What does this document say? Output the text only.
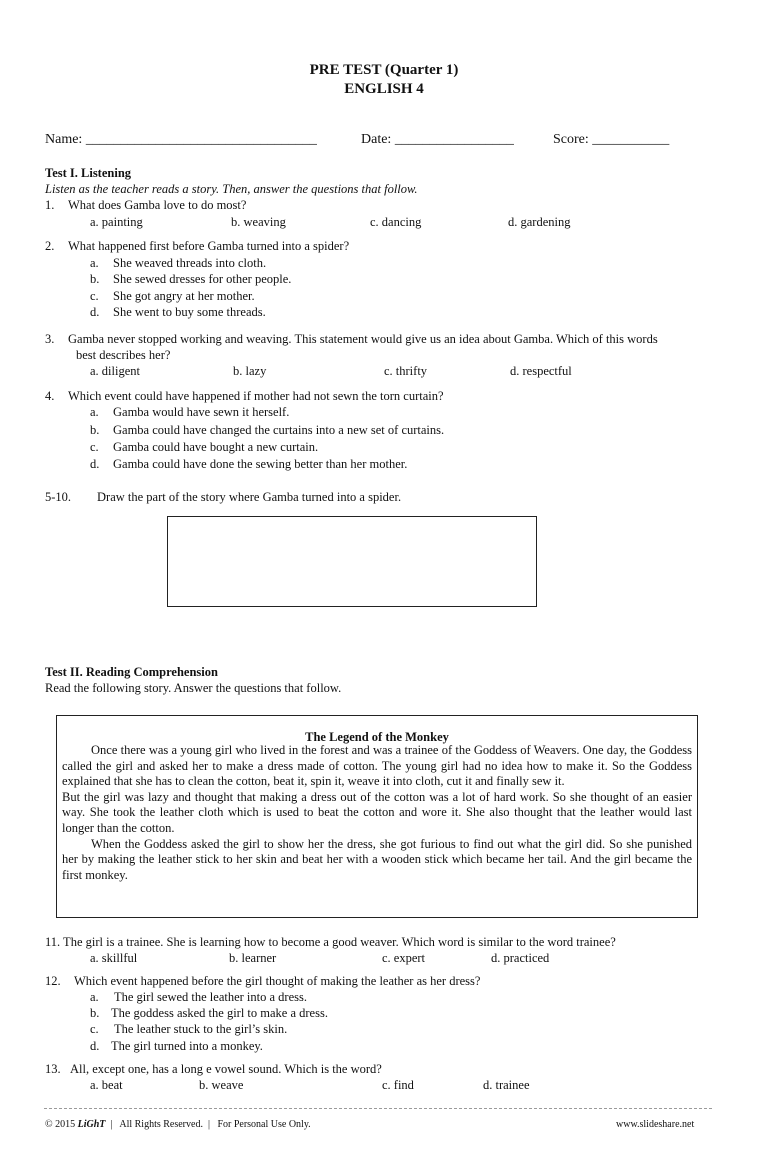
PRE TEST (Quarter 1)
ENGLISH 4
Name: _________________________________	Date: _________________	Score: ___________
Test I. Listening
Listen as the teacher reads a story. Then, answer the questions that follow.
1. What does Gamba love to do most?
a. painting	b. weaving	c. dancing	d. gardening
2. What happened first before Gamba turned into a spider?
a. She weaved threads into cloth.
b. She sewed dresses for other people.
c. She got angry at her mother.
d. She went to buy some threads.
3. Gamba never stopped working and weaving. This statement would give us an idea about Gamba. Which of this words
best describes her?
a. diligent	b. lazy	c. thrifty	d. respectful
4. Which event could have happened if mother had not sewn the torn curtain?
a. Gamba would have sewn it herself.
b. Gamba could have changed the curtains into a new set of curtains.
c. Gamba could have bought a new curtain.
d. Gamba could have done the sewing better than her mother.
5-10. Draw the part of the story where Gamba turned into a spider.
Test II. Reading Comprehension
Read the following story. Answer the questions that follow.
The Legend of the Monkey

Once there was a young girl who lived in the forest and was a trainee of the Goddess of Weavers. One day, the Goddess called the girl and asked her to make a dress made of cotton. The young girl had no idea how to make it. So the Goddess explained that she has to clean the cotton, beat it, spin it, weave it into cloth, cut it and finally sew it.

But the girl was lazy and thought that making a dress out of the cotton was a lot of hard work. So she thought of an easier way. She took the leather cloth which is used to beat the cotton and wore it. She also thought that the leather would last longer than the cotton.

When the Goddess asked the girl to show her the dress, she got furious to find out what the girl did. So she punished her by making the leather stick to her skin and beat her with a wooden stick which became her tail. And the girl became the first monkey.

11. The girl is a trainee. She is learning how to become a good weaver. Which word is similar to the word trainee?
a. skillful	b. learner	c. expert	d. practiced
12. Which event happened before the girl thought of making the leather as her dress?
a. The girl sewed the leather into a dress.
b. The goddess asked the girl to make a dress.
c. The leather stuck to the girl’s skin.
d. The girl turned into a monkey.
13. All, except one, has a long e vowel sound. Which is the word?
a. beat	b. weave	c. find	d. trainee
© 2015 LiGhT  |   All Rights Reserved.  |   For Personal Use Only.	www.slideshare.net
